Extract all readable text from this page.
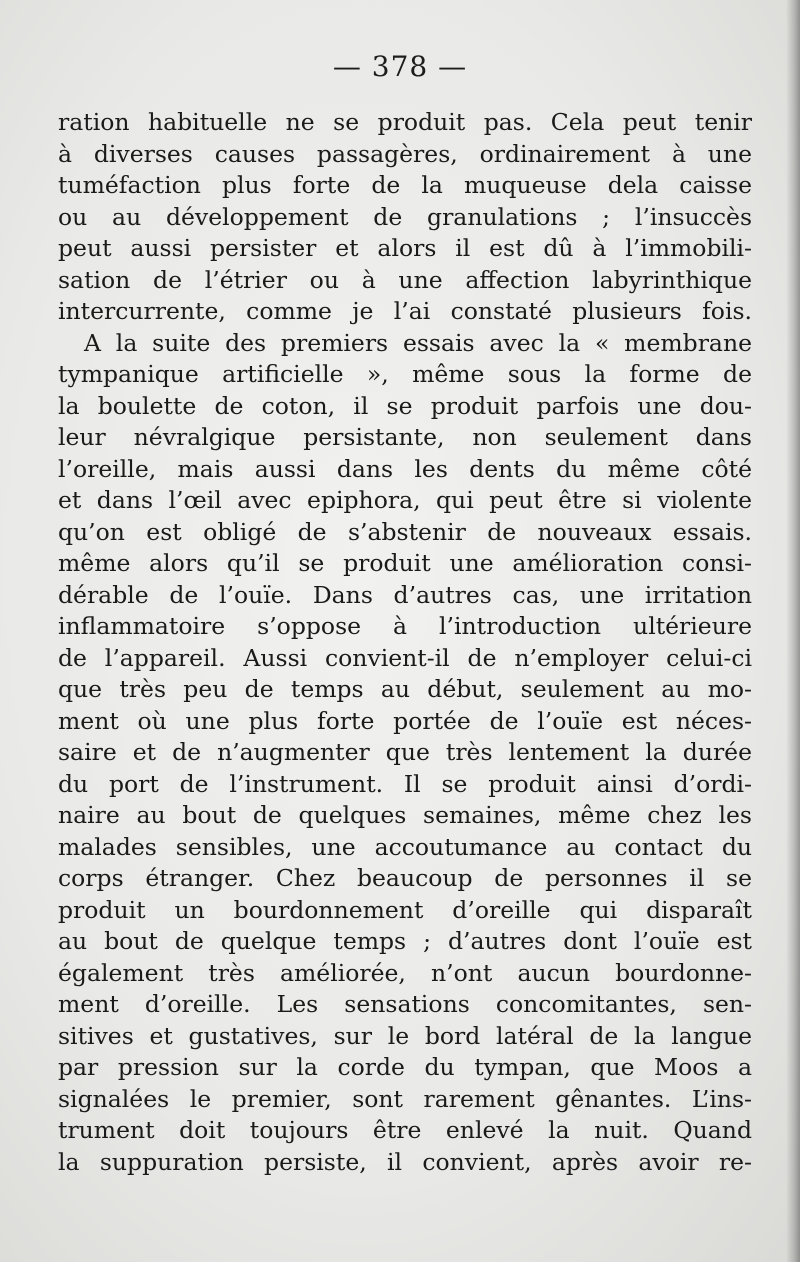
— 378 —
ration habituelle ne se produit pas. Cela peut tenir
à diverses causes passagères, ordinairement à une
tuméfaction plus forte de la muqueuse dela caisse
ou au développement de granulations ; l’insuccès
peut aussi persister et alors il est dû à l’immobili-
sation de l’étrier ou à une affection labyrinthique
intercurrente, comme je l’ai constaté plusieurs fois.
A la suite des premiers essais avec la « membrane
tympanique artificielle », même sous la forme de
la boulette de coton, il se produit parfois une dou-
leur névralgique persistante, non seulement dans
l’oreille, mais aussi dans les dents du même côté
et dans l’œil avec epiphora, qui peut être si violente
qu’on est obligé de s’abstenir de nouveaux essais.
même alors qu’il se produit une amélioration consi-
dérable de l’ouïe. Dans d’autres cas, une irritation
inflammatoire s’oppose à l’introduction ultérieure
de l’appareil. Aussi convient-il de n’employer celui-ci
que très peu de temps au début, seulement au mo-
ment où une plus forte portée de l’ouïe est néces-
saire et de n’augmenter que très lentement la durée
du port de l’instrument. Il se produit ainsi d’ordi-
naire au bout de quelques semaines, même chez les
malades sensibles, une accoutumance au contact du
corps étranger. Chez beaucoup de personnes il se
produit un bourdonnement d’oreille qui disparaît
au bout de quelque temps ; d’autres dont l’ouïe est
également très améliorée, n’ont aucun bourdonne-
ment d’oreille. Les sensations concomitantes, sen-
sitives et gustatives, sur le bord latéral de la langue
par pression sur la corde du tympan, que Moos a
signalées le premier, sont rarement gênantes. L’ins-
trument doit toujours être enlevé la nuit. Quand
la suppuration persiste, il convient, après avoir re-
